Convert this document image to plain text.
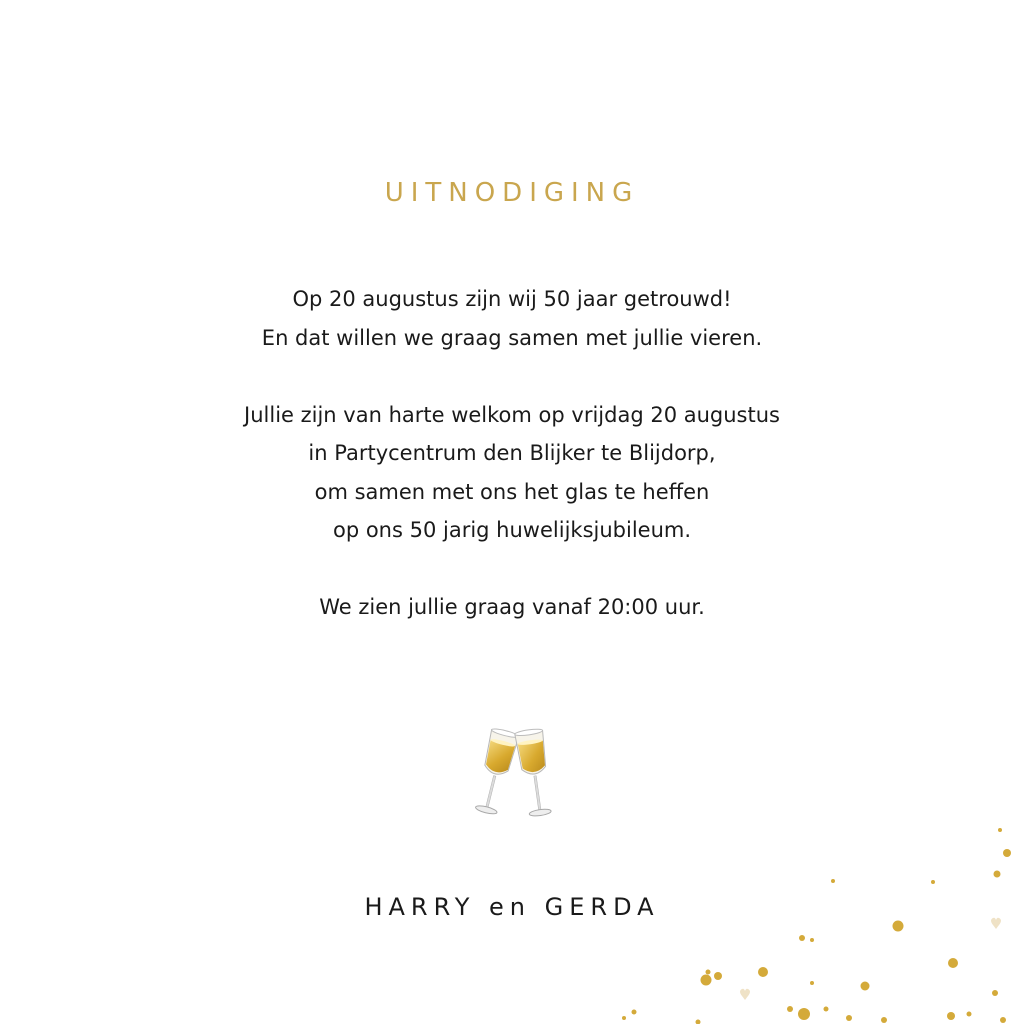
UITNODIGING
Op 20 augustus zijn wij 50 jaar getrouwd!
En dat willen we graag samen met jullie vieren.
Jullie zijn van harte welkom op vrijdag 20 augustus
in Partycentrum den Blijker te Blijdorp,
om samen met ons het glas te heffen
op ons 50 jarig huwelijksjubileum.
We zien jullie graag vanaf 20:00 uur.
HARRY en GERDA
